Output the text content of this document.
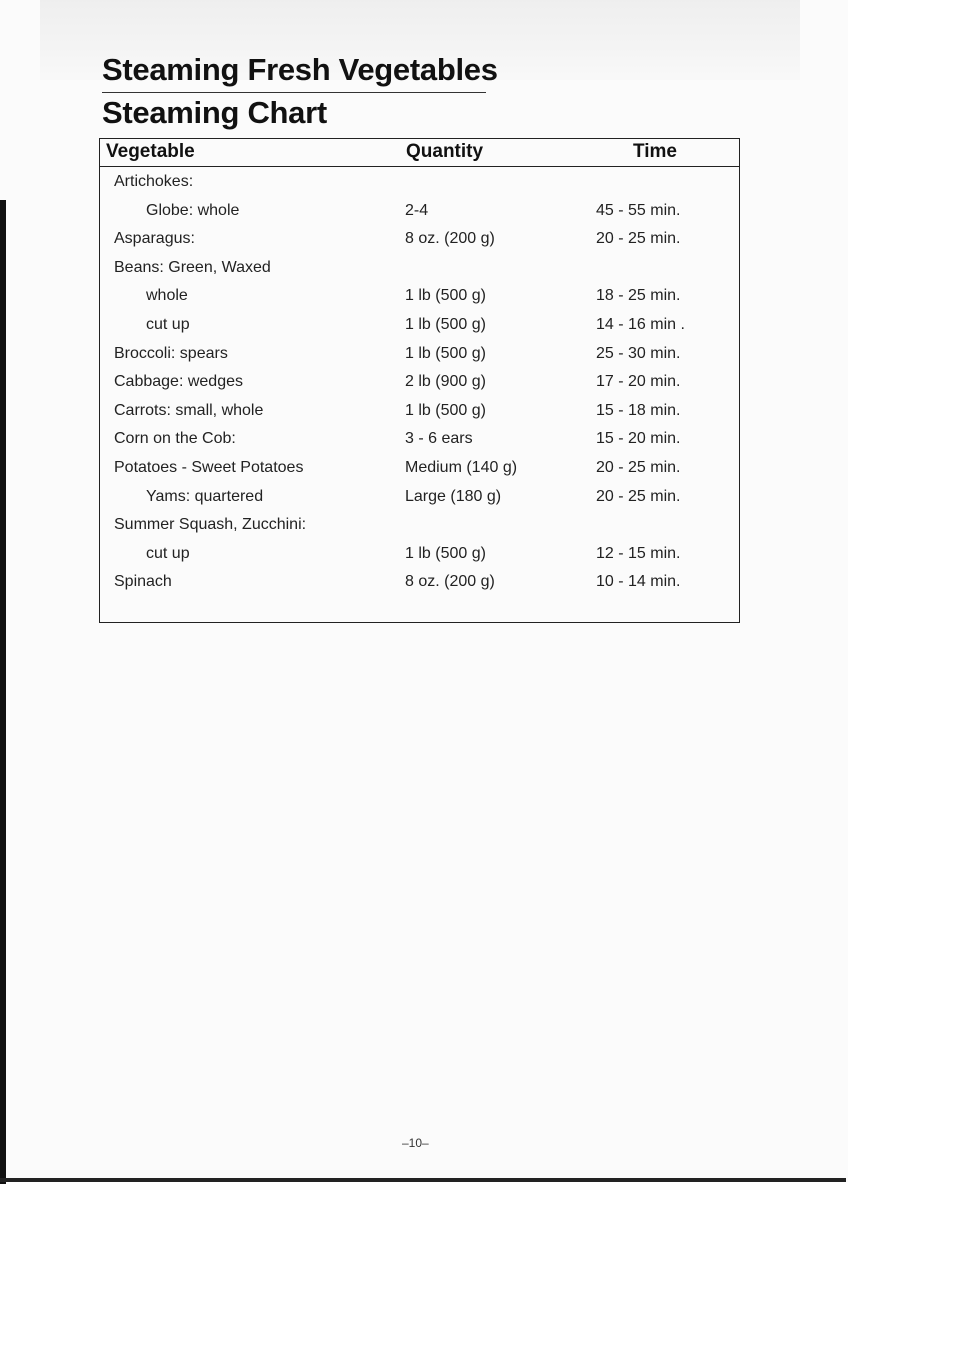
Steaming Fresh Vegetables
Steaming Chart
Vegetable	Quantity	Time
Artichokes:
Globe: whole	2-4	45 - 55 min.
Asparagus:	8 oz. (200 g)	20 - 25 min.
Beans: Green, Waxed
whole	1 lb (500 g)	18 - 25 min.
cut up	1 lb (500 g)	14 - 16 min .
Broccoli: spears	1 lb (500 g)	25 - 30 min.
Cabbage: wedges	2 lb (900 g)	17 - 20 min.
Carrots: small, whole	1 lb (500 g)	15 - 18 min.
Corn on the Cob:	3 - 6 ears	15 - 20 min.
Potatoes - Sweet Potatoes	Medium (140 g)	20 - 25 min.
Yams: quartered	Large (180 g)	20 - 25 min.
Summer Squash, Zucchini:
cut up	1 lb (500 g)	12 - 15 min.
Spinach	8 oz. (200 g)	10 - 14 min.
–10–
